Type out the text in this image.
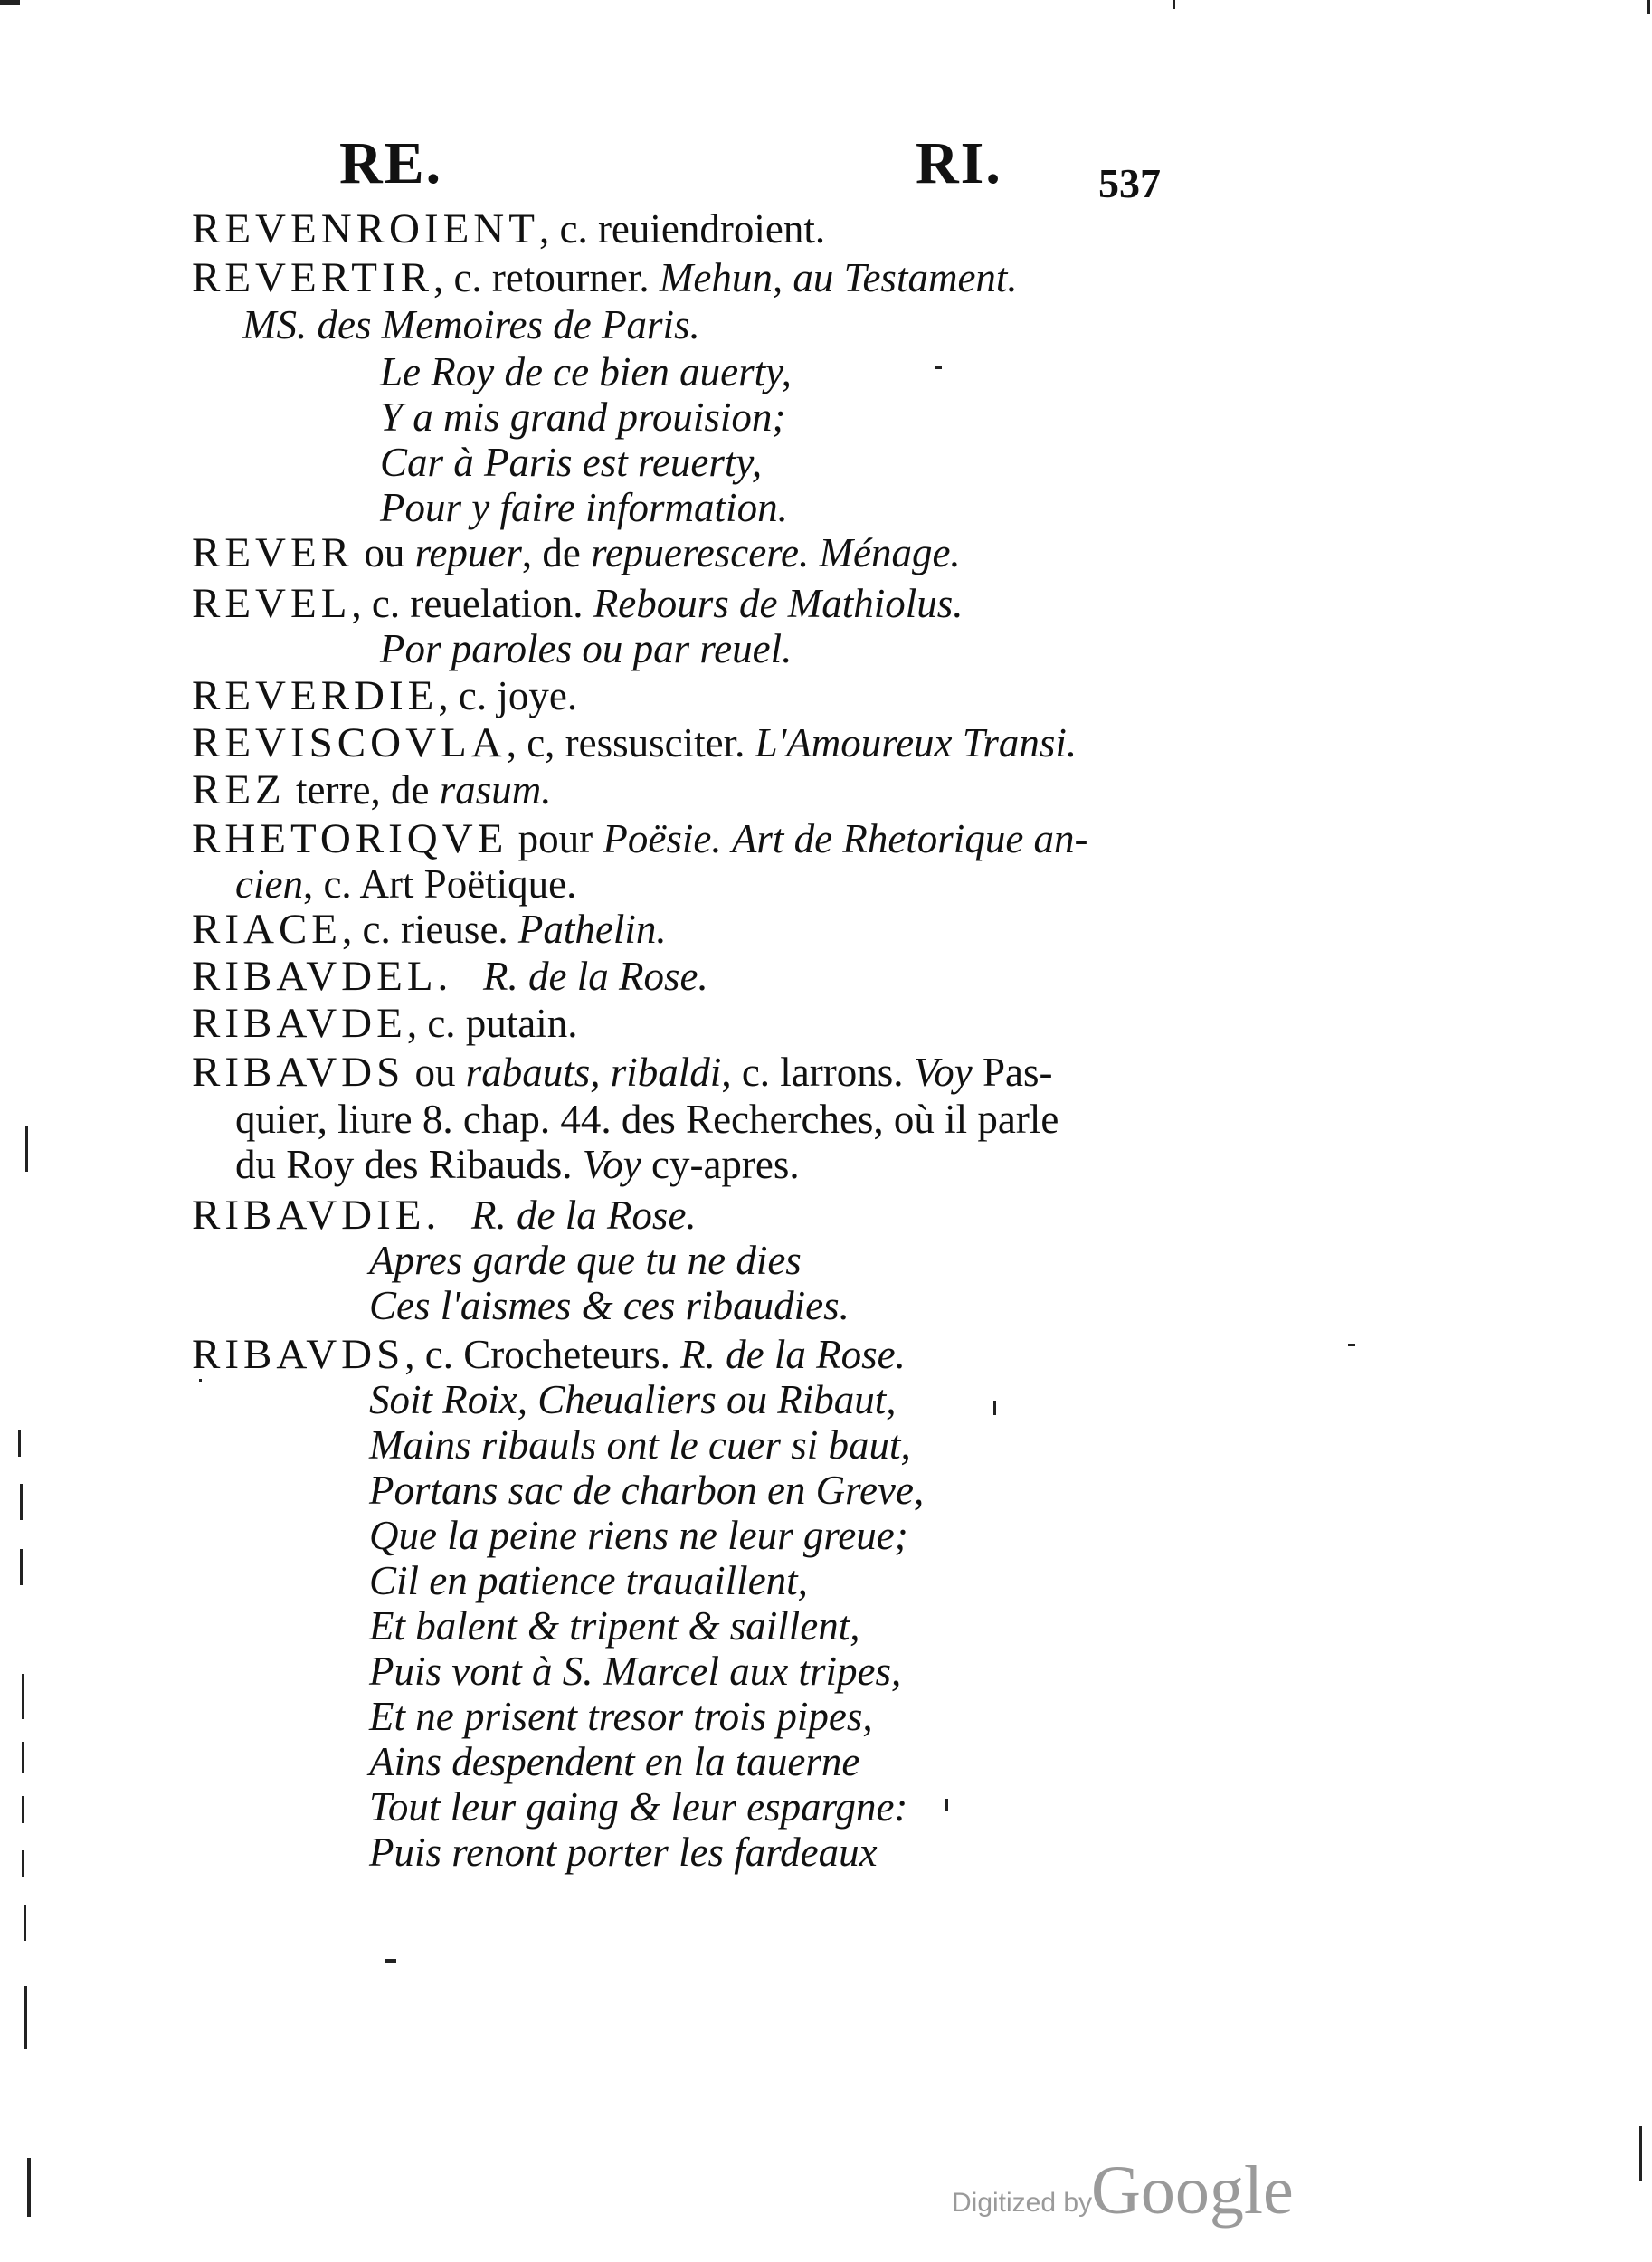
RE.	RI. 537
REVENROIENT, c. reuiendroient.
REVERTIR, c. retourner. Mehun, au Testament.
MS. des Memoires de Paris.
Le Roy de ce bien auerty,
Y a mis grand prouision;
Car à Paris est reuerty,
Pour y faire information.
REVER ou repuer, de repuerescere. Ménage.
REVEL, c. reuelation. Rebours de Mathiolus.
Por paroles ou par reuel.
REVERDIE, c. joye.
REVISCOVLA, c, ressusciter. L'Amoureux Transi.
REZ terre, de rasum.
RHETORIQVE pour Poësie. Art de Rhetorique an-
cien, c. Art Poëtique.
RIACE, c. rieuse. Pathelin.
RIBAVDEL. R. de la Rose.
RIBAVDE, c. putain.
RIBAVDS ou rabauts, ribaldi, c. larrons. Voy Pas-
quier, liure 8. chap. 44. des Recherches, où il parle
du Roy des Ribauds. Voy cy-apres.
RIBAVDIE. R. de la Rose.
Apres garde que tu ne dies
Ces l'aismes & ces ribaudies.
RIBAVDS, c. Crocheteurs. R. de la Rose.
Soit Roix, Cheualiers ou Ribaut,
Mains ribauls ont le cuer si baut,
Portans sac de charbon en Greve,
Que la peine riens ne leur greue;
Cil en patience trauaillent,
Et balent & tripent & saillent,
Puis vont à S. Marcel aux tripes,
Et ne prisent tresor trois pipes,
Ains despendent en la tauerne
Tout leur gaing & leur espargne:
Puis renont porter les fardeaux
Digitized by
Google
